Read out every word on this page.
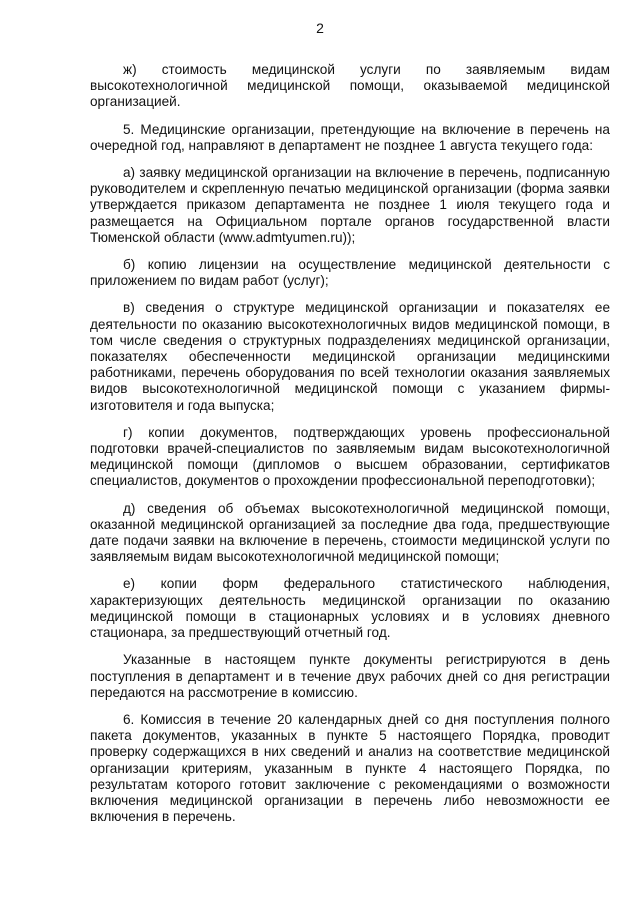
2

ж) стоимость медицинской услуги по заявляемым видам высокотехнологичной медицинской помощи, оказываемой медицинской организацией.

5. Медицинские организации, претендующие на включение в перечень на очередной год, направляют в департамент не позднее 1 августа текущего года:

а) заявку медицинской организации на включение в перечень, подписанную руководителем и скрепленную печатью медицинской организации (форма заявки утверждается приказом департамента не позднее 1 июля текущего года и размещается на Официальном портале органов государственной власти Тюменской области (www.admtyumen.ru));

б) копию лицензии на осуществление медицинской деятельности с приложением по видам работ (услуг);

в) сведения о структуре медицинской организации и показателях ее деятельности по оказанию высокотехнологичных видов медицинской помощи, в том числе сведения о структурных подразделениях медицинской организации, показателях обеспеченности медицинской организации медицинскими работниками, перечень оборудования по всей технологии оказания заявляемых видов высокотехнологичной медицинской помощи с указанием фирмы-изготовителя и года выпуска;

г) копии документов, подтверждающих уровень профессиональной подготовки врачей-специалистов по заявляемым видам высокотехнологичной медицинской помощи (дипломов о высшем образовании, сертификатов специалистов, документов о прохождении профессиональной переподготовки);

д) сведения об объемах высокотехнологичной медицинской помощи, оказанной медицинской организацией за последние два года, предшествующие дате подачи заявки на включение в перечень, стоимости медицинской услуги по заявляемым видам высокотехнологичной медицинской помощи;

е) копии форм федерального статистического наблюдения, характеризующих деятельность медицинской организации по оказанию медицинской помощи в стационарных условиях и в условиях дневного стационара, за предшествующий отчетный год.

Указанные в настоящем пункте документы регистрируются в день поступления в департамент и в течение двух рабочих дней со дня регистрации передаются на рассмотрение в комиссию.

6. Комиссия в течение 20 календарных дней со дня поступления полного пакета документов, указанных в пункте 5 настоящего Порядка, проводит проверку содержащихся в них сведений и анализ на соответствие медицинской организации критериям, указанным в пункте 4 настоящего Порядка, по результатам которого готовит заключение с рекомендациями о возможности включения медицинской организации в перечень либо невозможности ее включения в перечень.
